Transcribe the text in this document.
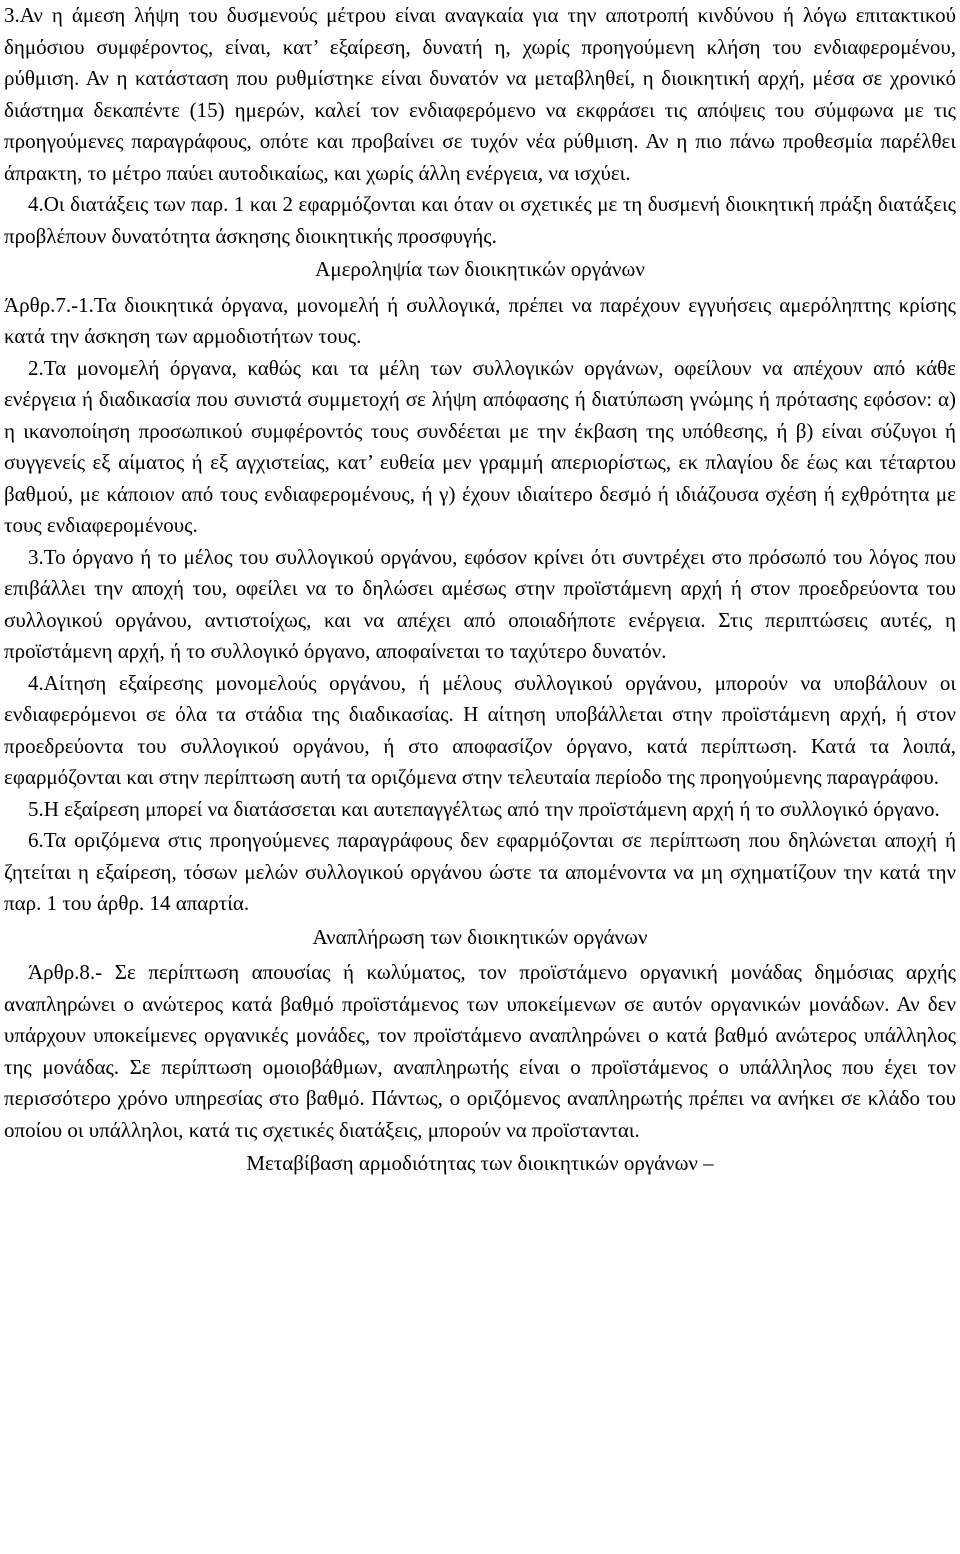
3.Αν η άμεση λήψη του δυσμενούς μέτρου είναι αναγκαία για την αποτροπή κινδύνου ή λόγω επιτακτικού δημόσιου συμφέροντος, είναι, κατ’ εξαίρεση, δυνατή η, χωρίς προηγούμενη κλήση του ενδιαφερομένου, ρύθμιση. Αν η κατάσταση που ρυθμίστηκε είναι δυνατόν να μεταβληθεί, η διοικητική αρχή, μέσα σε χρονικό διάστημα δεκαπέντε (15) ημερών, καλεί τον ενδιαφερόμενο να εκφράσει τις απόψεις του σύμφωνα με τις προηγούμενες παραγράφους, οπότε και προβαίνει σε τυχόν νέα ρύθμιση. Αν η πιο πάνω προθεσμία παρέλθει άπρακτη, το μέτρο παύει αυτοδικαίως, και χωρίς άλλη ενέργεια, να ισχύει.

4.Οι διατάξεις των παρ. 1 και 2 εφαρμόζονται και όταν οι σχετικές με τη δυσμενή διοικητική πράξη διατάξεις προβλέπουν δυνατότητα άσκησης διοικητικής προσφυγής.

Αμεροληψία των διοικητικών οργάνων

Άρθρ.7.-1.Τα διοικητικά όργανα, μονομελή ή συλλογικά, πρέπει να παρέχουν εγγυήσεις αμερόληπτης κρίσης κατά την άσκηση των αρμοδιοτήτων τους.

2.Τα μονομελή όργανα, καθώς και τα μέλη των συλλογικών οργάνων, οφείλουν να απέχουν από κάθε ενέργεια ή διαδικασία που συνιστά συμμετοχή σε λήψη απόφασης ή διατύπωση γνώμης ή πρότασης εφόσον: α) η ικανοποίηση προσωπικού συμφέροντός τους συνδέεται με την έκβαση της υπόθεσης, ή β) είναι σύζυγοι ή συγγενείς εξ αίματος ή εξ αγχιστείας, κατ’ ευθεία μεν γραμμή απεριορίστως, εκ πλαγίου δε έως και τέταρτου βαθμού, με κάποιον από τους ενδιαφερομένους, ή γ) έχουν ιδιαίτερο δεσμό ή ιδιάζουσα σχέση ή εχθρότητα με τους ενδιαφερομένους.

3.Το όργανο ή το μέλος του συλλογικού οργάνου, εφόσον κρίνει ότι συντρέχει στο πρόσωπό του λόγος που επιβάλλει την αποχή του, οφείλει να το δηλώσει αμέσως στην προϊστάμενη αρχή ή στον προεδρεύοντα του συλλογικού οργάνου, αντιστοίχως, και να απέχει από οποιαδήποτε ενέργεια. Στις περιπτώσεις αυτές, η προϊστάμενη αρχή, ή το συλλογικό όργανο, αποφαίνεται το ταχύτερο δυνατόν.

4.Αίτηση εξαίρεσης μονομελούς οργάνου, ή μέλους συλλογικού οργάνου, μπορούν να υποβάλουν οι ενδιαφερόμενοι σε όλα τα στάδια της διαδικασίας. Η αίτηση υποβάλλεται στην προϊστάμενη αρχή, ή στον προεδρεύοντα του συλλογικού οργάνου, ή στο αποφασίζον όργανο, κατά περίπτωση. Κατά τα λοιπά, εφαρμόζονται και στην περίπτωση αυτή τα οριζόμενα στην τελευταία περίοδο της προηγούμενης παραγράφου.

5.Η εξαίρεση μπορεί να διατάσσεται και αυτεπαγγέλτως από την προϊστάμενη αρχή ή το συλλογικό όργανο.

6.Τα οριζόμενα στις προηγούμενες παραγράφους δεν εφαρμόζονται σε περίπτωση που δηλώνεται αποχή ή ζητείται η εξαίρεση, τόσων μελών συλλογικού οργάνου ώστε τα απομένοντα να μη σχηματίζουν την κατά την παρ. 1 του άρθρ. 14 απαρτία.

Αναπλήρωση των διοικητικών οργάνων

Άρθρ.8.- Σε περίπτωση απουσίας ή κωλύματος, τον προϊστάμενο οργανική μονάδας δημόσιας αρχής αναπληρώνει ο ανώτερος κατά βαθμό προϊστάμενος των υποκείμενων σε αυτόν οργανικών μονάδων. Αν δεν υπάρχουν υποκείμενες οργανικές μονάδες, τον προϊστάμενο αναπληρώνει ο κατά βαθμό ανώτερος υπάλληλος της μονάδας. Σε περίπτωση ομοιοβάθμων, αναπληρωτής είναι ο προϊστάμενος ο υπάλληλος που έχει τον περισσότερο χρόνο υπηρεσίας στο βαθμό. Πάντως, ο οριζόμενος αναπληρωτής πρέπει να ανήκει σε κλάδο του οποίου οι υπάλληλοι, κατά τις σχετικές διατάξεις, μπορούν να προϊστανται.

Μεταβίβαση αρμοδιότητας των διοικητικών οργάνων –
